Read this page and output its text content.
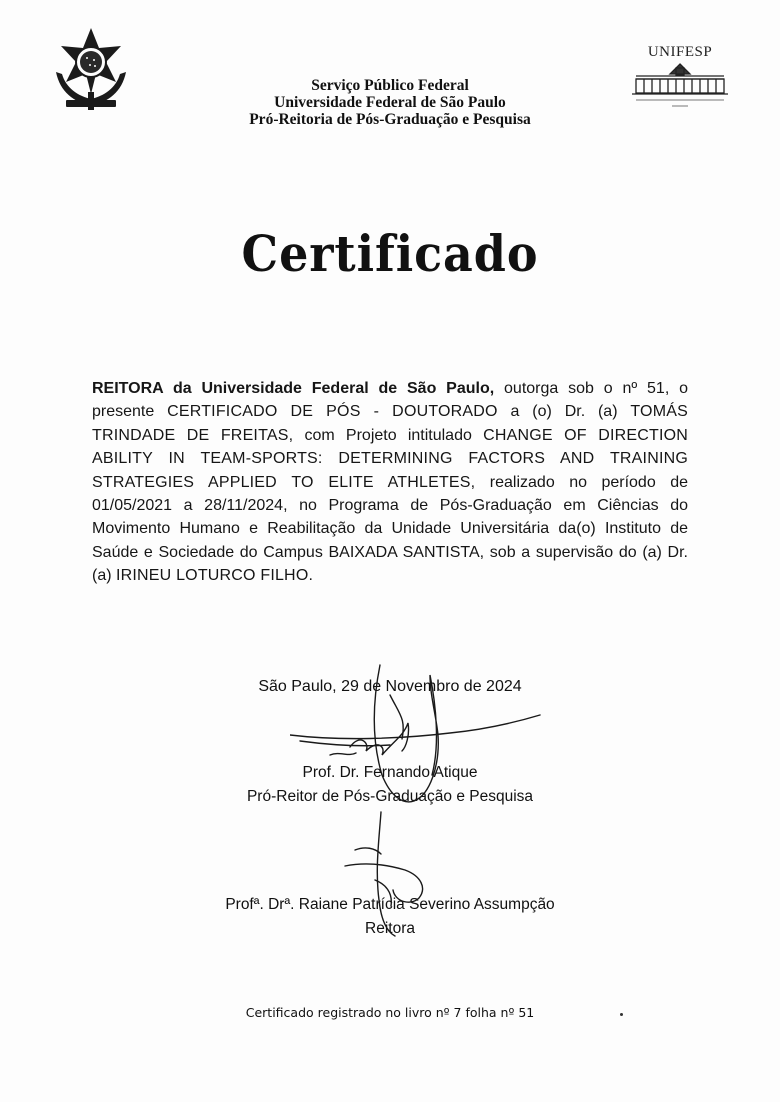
UNIFESP
Serviço Público Federal
Universidade Federal de São Paulo
Pró-Reitoria de Pós-Graduação e Pesquisa
Certificado
REITORA da Universidade Federal de São Paulo, outorga sob o nº 51, o presente CERTIFICADO DE PÓS - DOUTORADO a (o) Dr. (a) TOMÁS TRINDADE DE FREITAS, com Projeto intitulado CHANGE OF DIRECTION ABILITY IN TEAM-SPORTS: DETERMINING FACTORS AND TRAINING STRATEGIES APPLIED TO ELITE ATHLETES, realizado no período de 01/05/2021 a 28/11/2024, no Programa de Pós-Graduação em Ciências do Movimento Humano e Reabilitação da Unidade Universitária da(o) Instituto de Saúde e Sociedade do Campus BAIXADA SANTISTA, sob a supervisão do (a) Dr. (a) IRINEU LOTURCO FILHO.
São Paulo, 29 de Novembro de 2024
Prof. Dr. Fernando Atique
Pró-Reitor de Pós-Graduação e Pesquisa
Profª. Drª. Raiane Patrícia Severino Assumpção
Reitora
Certificado registrado no livro nº 7 folha nº 51
